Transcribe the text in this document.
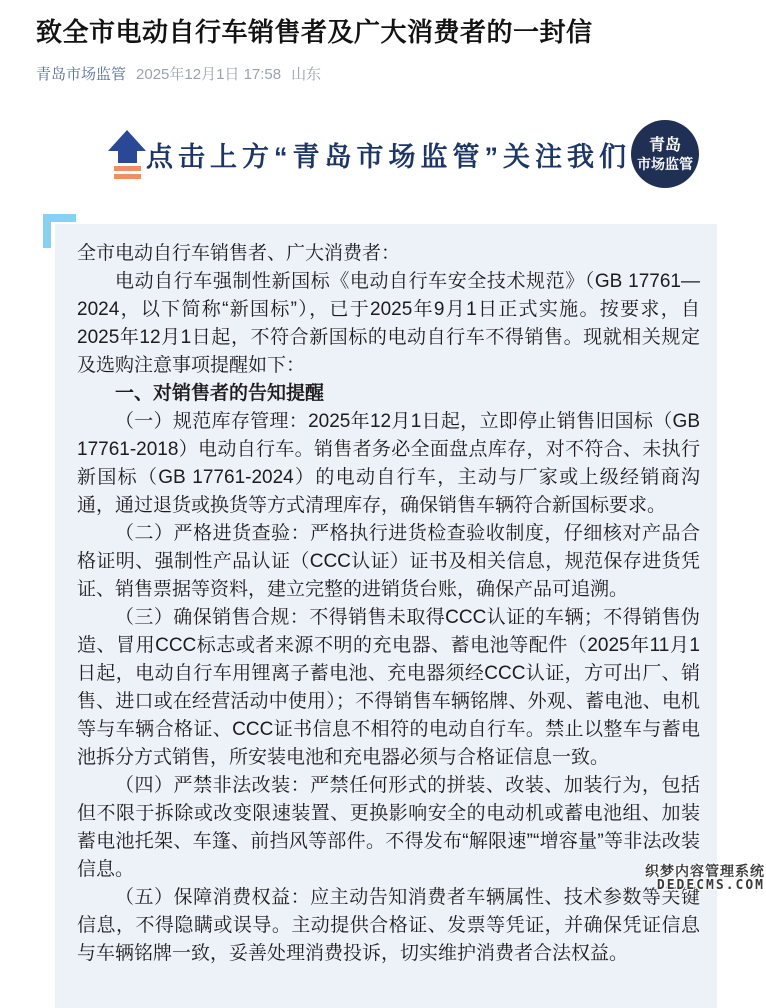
致全市电动自行车销售者及广大消费者的一封信
青岛市场监管 2025年12月1日 17:58 山东
点击上方“青岛市场监管”关注我们 青岛
市场监管

全市电动自行车销售者、广大消费者：

电动自行车强制性新国标《电动自行车安全技术规范》（GB 17761—2024，以下简称“新国标”），已于2025年9月1日正式实施。按要求，自2025年12月1日起，不符合新国标的电动自行车不得销售。现就相关规定及选购注意事项提醒如下：

一、对销售者的告知提醒

（一）规范库存管理：2025年12月1日起，立即停止销售旧国标（GB 17761-2018）电动自行车。销售者务必全面盘点库存，对不符合、未执行新国标（GB 17761-2024）的电动自行车，主动与厂家或上级经销商沟通，通过退货或换货等方式清理库存，确保销售车辆符合新国标要求。

（二）严格进货查验：严格执行进货检查验收制度，仔细核对产品合格证明、强制性产品认证（CCC认证）证书及相关信息，规范保存进货凭证、销售票据等资料，建立完整的进销货台账，确保产品可追溯。

（三）确保销售合规：不得销售未取得CCC认证的车辆；不得销售伪造、冒用CCC标志或者来源不明的充电器、蓄电池等配件（2025年11月1日起，电动自行车用锂离子蓄电池、充电器须经CCC认证，方可出厂、销售、进口或在经营活动中使用）；不得销售车辆铭牌、外观、蓄电池、电机等与车辆合格证、CCC证书信息不相符的电动自行车。禁止以整车与蓄电池拆分方式销售，所安装电池和充电器必须与合格证信息一致。

（四）严禁非法改装：严禁任何形式的拼装、改装、加装行为，包括但不限于拆除或改变限速装置、更换影响安全的电动机或蓄电池组、加装蓄电池托架、车篷、前挡风等部件。不得发布“解限速”“增容量”等非法改装信息。

（五）保障消费权益：应主动告知消费者车辆属性、技术参数等关键信息，不得隐瞒或误导。主动提供合格证、发票等凭证，并确保凭证信息与车辆铭牌一致，妥善处理消费投诉，切实维护消费者合法权益。

织梦内容管理系统
DEDECMS.COM
